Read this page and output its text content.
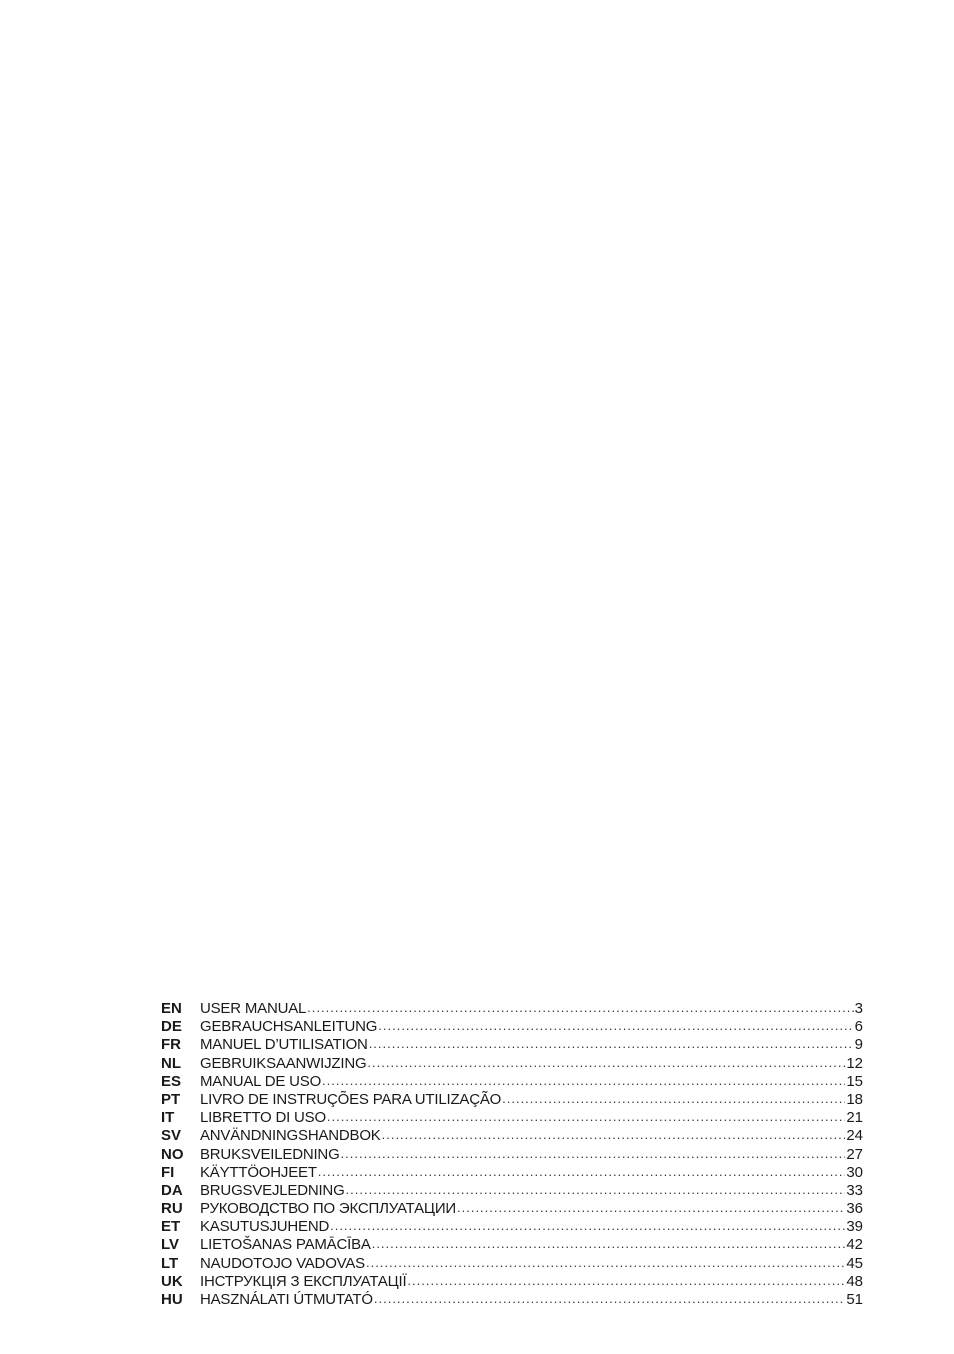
EN	USER MANUAL .....	3
DE	GEBRAUCHSANLEITUNG .....	6
FR	MANUEL D’UTILISATION .....	9
NL	GEBRUIKSAANWIJZING .....	12
ES	MANUAL DE USO .....	15
PT	LIVRO DE INSTRUÇÕES PARA UTILIZAÇÃO .....	18
IT	LIBRETTO DI USO .....	21
SV	ANVÄNDNINGSHANDBOK .....	24
NO	BRUKSVEILEDNING .....	27
FI	KÄYTTÖOHJEET .....	30
DA	BRUGSVEJLEDNING .....	33
RU	РУКОВОДСТВО ПО ЭКСПЛУАТАЦИИ .....	36
ET	KASUTUSJUHEND .....	39
LV	LIETOŠANAS PAMĀCĪBA .....	42
LT	NAUDOTOJO VADOVAS .....	45
UK	ІНСТРУКЦІЯ З ЕКСПЛУАТАЦІЇ .....	48
HU	HASZNÁLATI ÚTMUTATÓ .....	51
